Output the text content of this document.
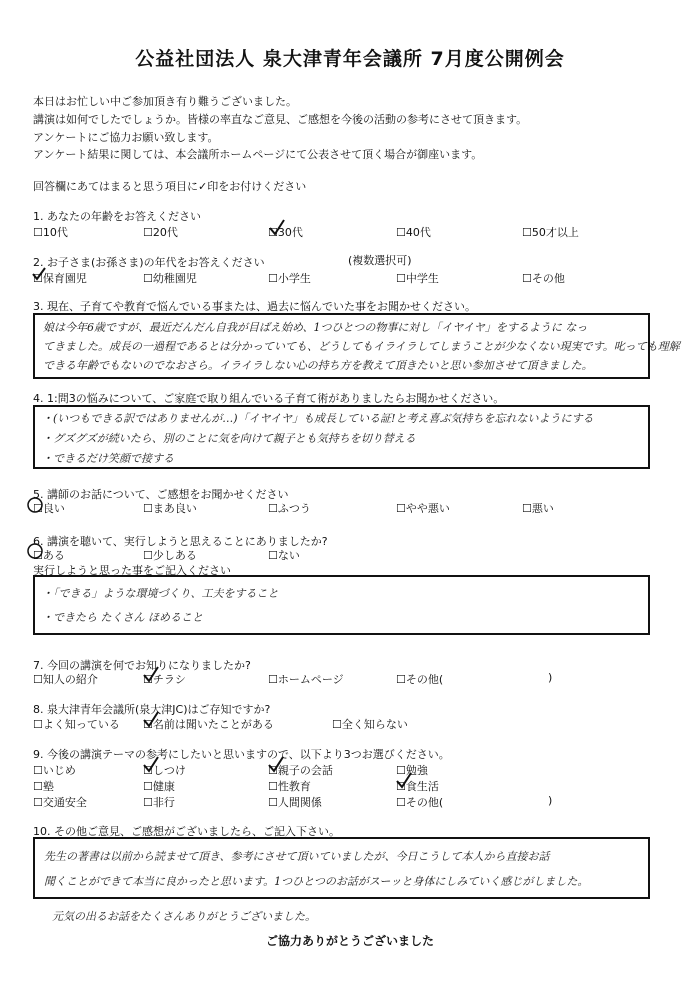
公益社団法人 泉大津青年会議所 7月度公開例会
本日はお忙しい中ご参加頂き有り難うございました。
講演は如何でしたでしょうか。皆様の率直なご意見、ご感想を今後の活動の参考にさせて頂きます。
アンケートにご協力お願い致します。
アンケート結果に関しては、本会議所ホームページにて公表させて頂く場合が御座います。
回答欄にあてはまると思う項目に✓印をお付けください
1. あなたの年齢をお答えください
☐ 10代	☐ 20代	☐ 30代	☐ 40代	☐ 50才以上
2. お子さま(お孫さま)の年代をお答えください	(複数選択可)
☐ 保育園児	☐ 幼稚園児	☐ 小学生	☐ 中学生	☐ その他
3. 現在、子育てや教育で悩んでいる事または、過去に悩んでいた事をお聞かせください。
娘は今年6歳ですが、最近だんだん自我が目ばえ始め、1つひとつの物事に対し「イヤイヤ」をするように なっ
てきました。成長の一過程であるとは分かっていても、どうしてもイライラしてしまうことが少なくない現実です。叱っても理解
できる年齢でもないのでなおさら。イライラしない心の持ち方を教えて頂きたいと思い参加させて頂きました。
4. 1:問3の悩みについて、ご家庭で取り組んでいる子育て術がありましたらお聞かせください。
・(いつもできる訳ではありませんが…)「イヤイヤ」も成長している証!と考え喜ぶ気持ちを忘れないようにする
・グズグズが続いたら、別のことに気を向けて親子とも気持ちを切り替える
・できるだけ笑顔で接する
5. 講師のお話について、ご感想をお聞かせください
☐ 良い	☐ まあ良い	☐ ふつう	☐ やや悪い	☐ 悪い
6. 講演を聴いて、実行しようと思えることにありましたか?
☐ ある	☐ 少しある	☐ ない
実行しようと思った事をご記入ください
・「できる」ような環境づくり、工夫をすること
・できたら たくさん ほめること
7. 今回の講演を何でお知りになりましたか?
☐ 知人の紹介	☐ チラシ	☐ ホームページ	☐ その他(	)
8. 泉大津青年会議所(泉大津JC)はご存知ですか?
☐ よく知っている	☐ 名前は聞いたことがある	☐ 全く知らない
9. 今後の講演テーマの参考にしたいと思いますので、以下より3つお選びください。
☐ いじめ	☐ しつけ	☐ 親子の会話	☐ 勉強
☐ 塾	☐ 健康	☐ 性教育	☐ 食生活
☐ 交通安全	☐ 非行	☐ 人間関係	☐ その他(	)
10. その他ご意見、ご感想がございましたら、ご記入下さい。
先生の著書は以前から読ませて頂き、参考にさせて頂いていましたが、今日こうして本人から直接お話
聞くことができて本当に良かったと思います。1つひとつのお話がスーッと身体にしみていく感じがしました。
元気の出るお話をたくさんありがとうございました。
ご協力ありがとうございました
